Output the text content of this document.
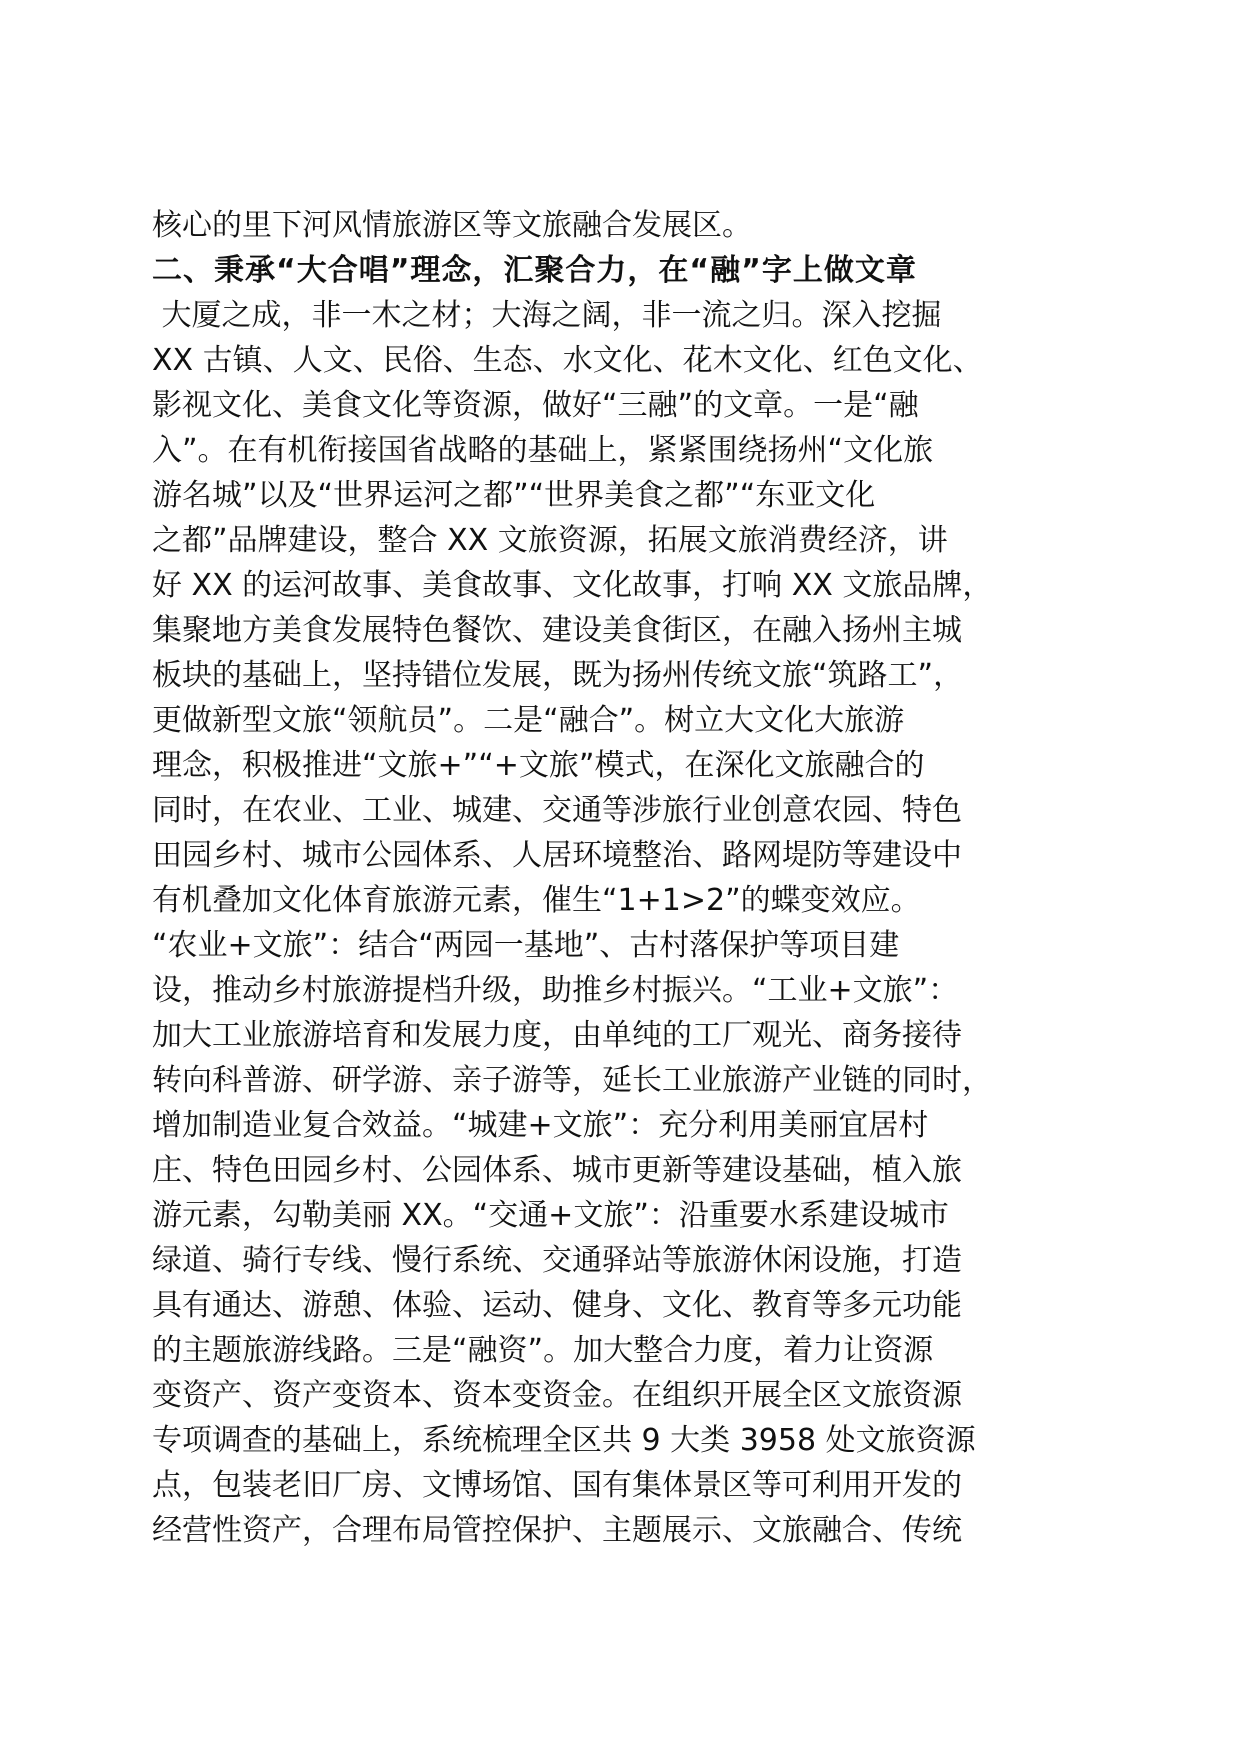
核心的里下河风情旅游区等文旅融合发展区。
二、秉承“大合唱”理念，汇聚合力，在“融”字上做文章
大厦之成，非一木之材；大海之阔，非一流之归。深入挖掘
XX 古镇、人文、民俗、生态、水文化、花木文化、红色文化、
影视文化、美食文化等资源，做好“三融”的文章。一是“融
入”。在有机衔接国省战略的基础上，紧紧围绕扬州“文化旅
游名城”以及“世界运河之都”“世界美食之都”“东亚文化
之都”品牌建设，整合 XX 文旅资源，拓展文旅消费经济，讲
好 XX 的运河故事、美食故事、文化故事，打响 XX 文旅品牌，
集聚地方美食发展特色餐饮、建设美食街区，在融入扬州主城
板块的基础上，坚持错位发展，既为扬州传统文旅“筑路工”，
更做新型文旅“领航员”。二是“融合”。树立大文化大旅游
理念，积极推进“文旅+”“+文旅”模式，在深化文旅融合的
同时，在农业、工业、城建、交通等涉旅行业创意农园、特色
田园乡村、城市公园体系、人居环境整治、路网堤防等建设中
有机叠加文化体育旅游元素，催生“1+1>2”的蝶变效应。
“农业+文旅”：结合“两园一基地”、古村落保护等项目建
设，推动乡村旅游提档升级，助推乡村振兴。“工业+文旅”：
加大工业旅游培育和发展力度，由单纯的工厂观光、商务接待
转向科普游、研学游、亲子游等，延长工业旅游产业链的同时，
增加制造业复合效益。“城建+文旅”：充分利用美丽宜居村
庄、特色田园乡村、公园体系、城市更新等建设基础，植入旅
游元素，勾勒美丽 XX。“交通+文旅”：沿重要水系建设城市
绿道、骑行专线、慢行系统、交通驿站等旅游休闲设施，打造
具有通达、游憩、体验、运动、健身、文化、教育等多元功能
的主题旅游线路。三是“融资”。加大整合力度，着力让资源
变资产、资产变资本、资本变资金。在组织开展全区文旅资源
专项调查的基础上，系统梳理全区共 9 大类 3958 处文旅资源
点，包装老旧厂房、文博场馆、国有集体景区等可利用开发的
经营性资产，合理布局管控保护、主题展示、文旅融合、传统
